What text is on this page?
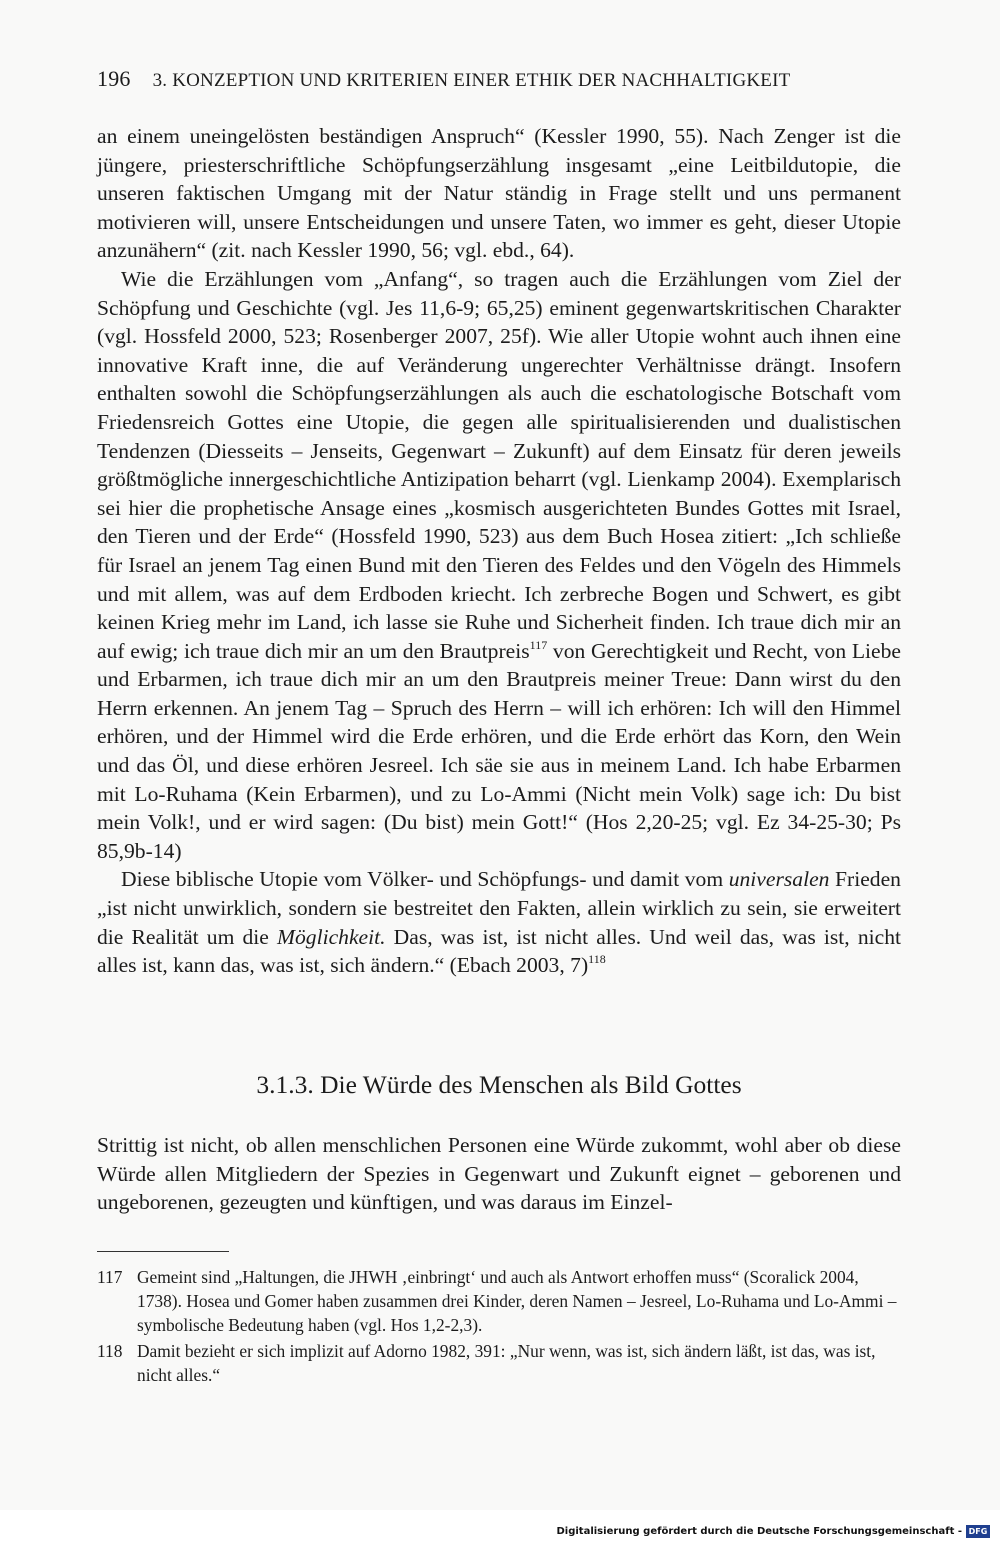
196 3. KONZEPTION UND KRITERIEN EINER ETHIK DER NACHHALTIGKEIT

an einem uneingelösten beständigen Anspruch“ (Kessler 1990, 55). Nach Zenger ist die jüngere, priesterschriftliche Schöpfungserzählung insgesamt „eine Leitbildutopie, die unseren faktischen Umgang mit der Natur ständig in Frage stellt und uns permanent motivieren will, unsere Entscheidungen und unsere Taten, wo immer es geht, dieser Utopie anzunähern“ (zit. nach Kessler 1990, 56; vgl. ebd., 64).

Wie die Erzählungen vom „Anfang“, so tragen auch die Erzählungen vom Ziel der Schöpfung und Geschichte (vgl. Jes 11,6-9; 65,25) eminent gegenwartskritischen Charakter (vgl. Hossfeld 2000, 523; Rosenberger 2007, 25f). Wie aller Utopie wohnt auch ihnen eine innovative Kraft inne, die auf Veränderung ungerechter Verhältnisse drängt. Insofern enthalten sowohl die Schöpfungserzählungen als auch die eschatologische Botschaft vom Friedensreich Gottes eine Utopie, die gegen alle spiritualisierenden und dualistischen Tendenzen (Diesseits – Jenseits, Gegenwart – Zukunft) auf dem Einsatz für deren jeweils größtmögliche innergeschichtliche Antizipation beharrt (vgl. Lienkamp 2004). Exemplarisch sei hier die prophetische Ansage eines „kosmisch ausgerichteten Bundes Gottes mit Israel, den Tieren und der Erde“ (Hossfeld 1990, 523) aus dem Buch Hosea zitiert: „Ich schließe für Israel an jenem Tag einen Bund mit den Tieren des Feldes und den Vögeln des Himmels und mit allem, was auf dem Erdboden kriecht. Ich zerbreche Bogen und Schwert, es gibt keinen Krieg mehr im Land, ich lasse sie Ruhe und Sicherheit finden. Ich traue dich mir an auf ewig; ich traue dich mir an um den Brautpreis$^{117}$ von Gerechtigkeit und Recht, von Liebe und Erbarmen, ich traue dich mir an um den Brautpreis meiner Treue: Dann wirst du den Herrn erkennen. An jenem Tag – Spruch des Herrn – will ich erhören: Ich will den Himmel erhören, und der Himmel wird die Erde erhören, und die Erde erhört das Korn, den Wein und das Öl, und diese erhören Jesreel. Ich säe sie aus in meinem Land. Ich habe Erbarmen mit Lo-Ruhama (Kein Erbarmen), und zu Lo-Ammi (Nicht mein Volk) sage ich: Du bist mein Volk!, und er wird sagen: (Du bist) mein Gott!“ (Hos 2,20-25; vgl. Ez 34-25-30; Ps 85,9b-14)

Diese biblische Utopie vom Völker- und Schöpfungs- und damit vom universalen Frieden „ist nicht unwirklich, sondern sie bestreitet den Fakten, allein wirklich zu sein, sie erweitert die Realität um die Möglichkeit. Das, was ist, ist nicht alles. Und weil das, was ist, nicht alles ist, kann das, was ist, sich ändern.“ (Ebach 2003, 7)$^{118}$

3.1.3. Die Würde des Menschen als Bild Gottes

Strittig ist nicht, ob allen menschlichen Personen eine Würde zukommt, wohl aber ob diese Würde allen Mitgliedern der Spezies in Gegenwart und Zukunft eignet – geborenen und ungeborenen, gezeugten und künftigen, und was daraus im Einzel-

117 Gemeint sind „Haltungen, die JHWH ‚einbringt‘ und auch als Antwort erhoffen muss“ (Scoralick 2004, 1738). Hosea und Gomer haben zusammen drei Kinder, deren Namen – Jesreel, Lo-Ruhama und Lo-Ammi – symbolische Bedeutung haben (vgl. Hos 1,2-2,3).
118 Damit bezieht er sich implizit auf Adorno 1982, 391: „Nur wenn, was ist, sich ändern läßt, ist das, was ist, nicht alles.“
Digitalisierung gefördert durch die Deutsche Forschungsgemeinschaft - DFG
